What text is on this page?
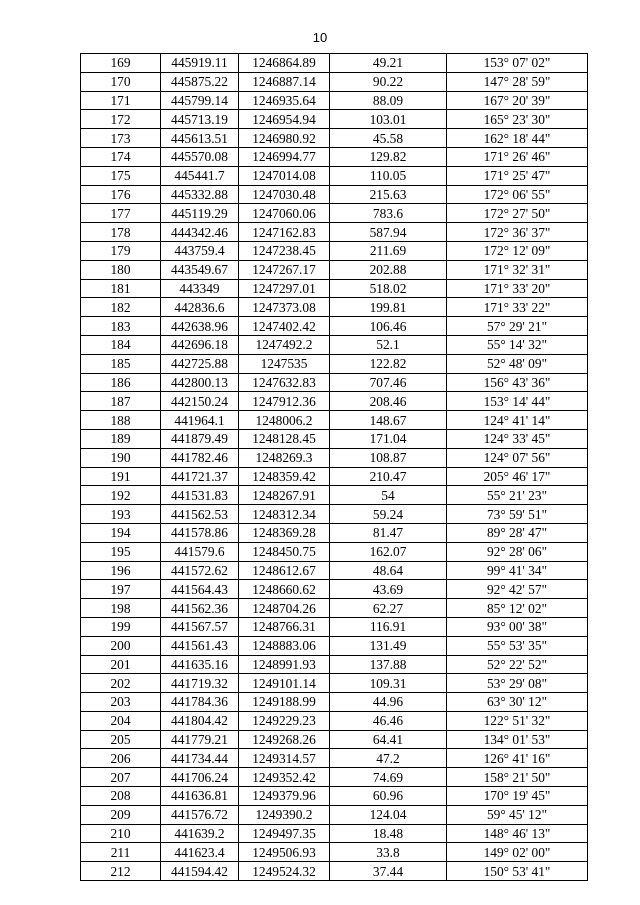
10
169	445919.11	1246864.89	49.21	153° 07' 02"
170	445875.22	1246887.14	90.22	147° 28' 59"
171	445799.14	1246935.64	88.09	167° 20' 39"
172	445713.19	1246954.94	103.01	165° 23' 30"
173	445613.51	1246980.92	45.58	162° 18' 44"
174	445570.08	1246994.77	129.82	171° 26' 46"
175	445441.7	1247014.08	110.05	171° 25' 47"
176	445332.88	1247030.48	215.63	172° 06' 55"
177	445119.29	1247060.06	783.6	172° 27' 50"
178	444342.46	1247162.83	587.94	172° 36' 37"
179	443759.4	1247238.45	211.69	172° 12' 09"
180	443549.67	1247267.17	202.88	171° 32' 31"
181	443349	1247297.01	518.02	171° 33' 20"
182	442836.6	1247373.08	199.81	171° 33' 22"
183	442638.96	1247402.42	106.46	57° 29' 21"
184	442696.18	1247492.2	52.1	55° 14' 32"
185	442725.88	1247535	122.82	52° 48' 09"
186	442800.13	1247632.83	707.46	156° 43' 36"
187	442150.24	1247912.36	208.46	153° 14' 44"
188	441964.1	1248006.2	148.67	124° 41' 14"
189	441879.49	1248128.45	171.04	124° 33' 45"
190	441782.46	1248269.3	108.87	124° 07' 56"
191	441721.37	1248359.42	210.47	205° 46' 17"
192	441531.83	1248267.91	54	55° 21' 23"
193	441562.53	1248312.34	59.24	73° 59' 51"
194	441578.86	1248369.28	81.47	89° 28' 47"
195	441579.6	1248450.75	162.07	92° 28' 06"
196	441572.62	1248612.67	48.64	99° 41' 34"
197	441564.43	1248660.62	43.69	92° 42' 57"
198	441562.36	1248704.26	62.27	85° 12' 02"
199	441567.57	1248766.31	116.91	93° 00' 38"
200	441561.43	1248883.06	131.49	55° 53' 35"
201	441635.16	1248991.93	137.88	52° 22' 52"
202	441719.32	1249101.14	109.31	53° 29' 08"
203	441784.36	1249188.99	44.96	63° 30' 12"
204	441804.42	1249229.23	46.46	122° 51' 32"
205	441779.21	1249268.26	64.41	134° 01' 53"
206	441734.44	1249314.57	47.2	126° 41' 16"
207	441706.24	1249352.42	74.69	158° 21' 50"
208	441636.81	1249379.96	60.96	170° 19' 45"
209	441576.72	1249390.2	124.04	59° 45' 12"
210	441639.2	1249497.35	18.48	148° 46' 13"
211	441623.4	1249506.93	33.8	149° 02' 00"
212	441594.42	1249524.32	37.44	150° 53' 41"
